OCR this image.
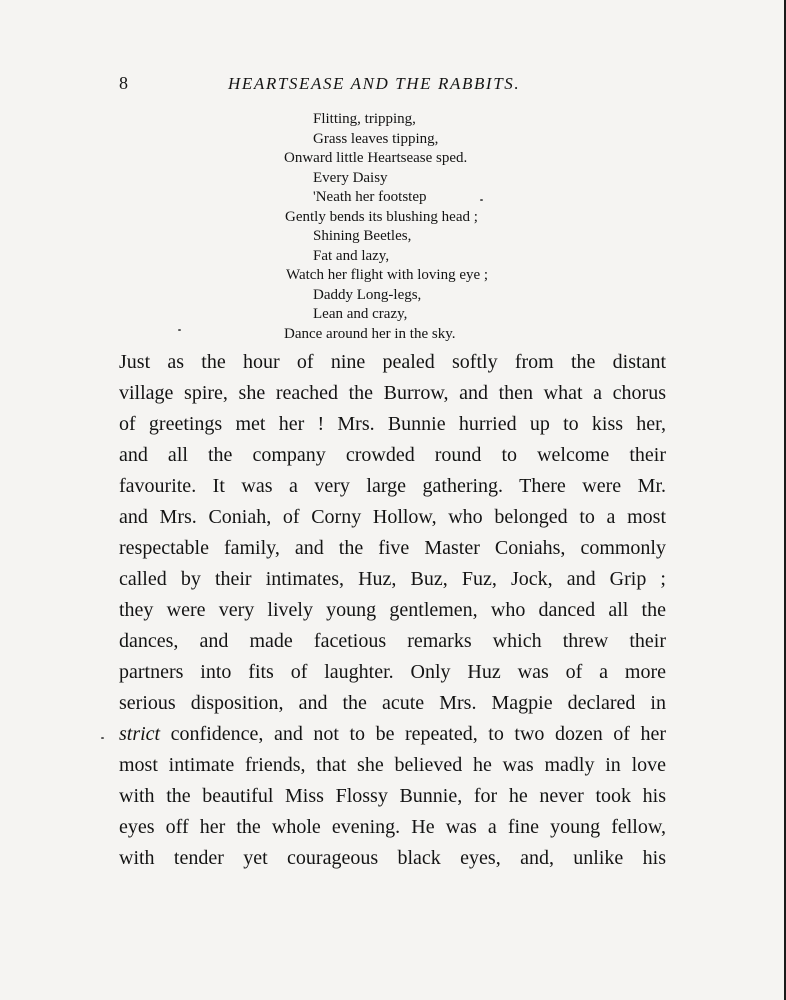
8	HEARTSEASE AND THE RABBITS.
Flitting, tripping,
Grass leaves tipping,
Onward little Heartsease sped.
Every Daisy
'Neath her footstep
Gently bends its blushing head ;
Shining Beetles,
Fat and lazy,
Watch her flight with loving eye ;
Daddy Long-legs,
Lean and crazy,
Dance around her in the sky.
Just as the hour of nine pealed softly from the distant
village spire, she reached the Burrow, and then what a chorus
of greetings met her ! Mrs. Bunnie hurried up to kiss her,
and all the company crowded round to welcome their
favourite. It was a very large gathering. There were Mr.
and Mrs. Coniah, of Corny Hollow, who belonged to a most
respectable family, and the five Master Coniahs, commonly
called by their intimates, Huz, Buz, Fuz, Jock, and Grip ;
they were very lively young gentlemen, who danced all the
dances, and made facetious remarks which threw their
partners into fits of laughter. Only Huz was of a more
serious disposition, and the acute Mrs. Magpie declared in
strict confidence, and not to be repeated, to two dozen of her
most intimate friends, that she believed he was madly in love
with the beautiful Miss Flossy Bunnie, for he never took his
eyes off her the whole evening. He was a fine young fellow,
with tender yet courageous black eyes, and, unlike his
